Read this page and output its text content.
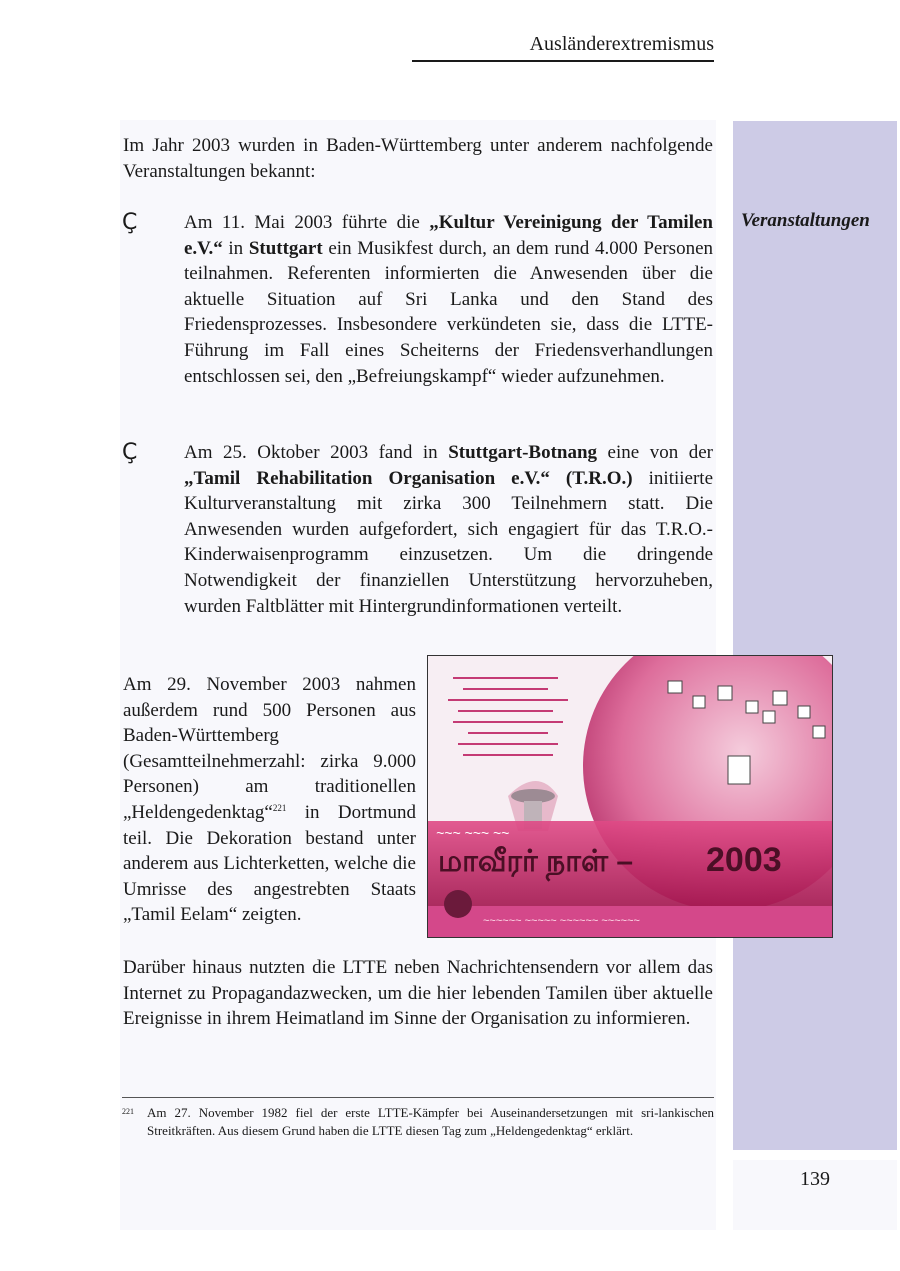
Ausländerextremismus
Veranstaltungen

Im Jahr 2003 wurden in Baden-Württemberg unter anderem nachfolgende Veranstaltungen bekannt:

Ç Am 11. Mai 2003 führte die „Kultur Vereinigung der Tamilen e.V.“ in Stuttgart ein Musikfest durch, an dem rund 4.000 Personen teilnahmen. Referenten informierten die Anwesenden über die aktuelle Situation auf Sri Lanka und den Stand des Friedensprozesses. Insbesondere verkündeten sie, dass die LTTE-Führung im Fall eines Scheiterns der Friedensverhandlungen entschlossen sei, den „Befreiungskampf“ wieder aufzunehmen.

Ç Am 25. Oktober 2003 fand in Stuttgart-Botnang eine von der „Tamil Rehabilitation Organisation e.V.“ (T.R.O.) initiierte Kulturveranstaltung mit zirka 300 Teilnehmern statt. Die Anwesenden wurden aufgefordert, sich engagiert für das T.R.O.-Kinderwaisenprogramm einzusetzen. Um die dringende Notwendigkeit der finanziellen Unterstützung hervorzuheben, wurden Faltblätter mit Hintergrundinformationen verteilt.

Am 29. November 2003 nahmen außerdem rund 500 Personen aus Baden-Württemberg (Gesamtteilnehmerzahl: zirka 9.000 Personen) am traditionellen „Heldengedenktag“$^{221}$ in Dortmund teil. Die Dekoration bestand unter anderem aus Lichterketten, welche die Umrisse des angestrebten Staats „Tamil Eelam“ zeigten.

~~~ ~~~ ~~
மாவீரர் நாள் – 2003
~~~~~~ ~~~~~ ~~~~~~ ~~~~~~

Darüber hinaus nutzten die LTTE neben Nachrichtensendern vor allem das Internet zu Propagandazwecken, um die hier lebenden Tamilen über aktuelle Ereignisse in ihrem Heimatland im Sinne der Organisation zu informieren.

221 Am 27. November 1982 fiel der erste LTTE-Kämpfer bei Auseinandersetzungen mit sri-lankischen Streitkräften. Aus diesem Grund haben die LTTE diesen Tag zum „Heldengedenktag“ erklärt.
139
